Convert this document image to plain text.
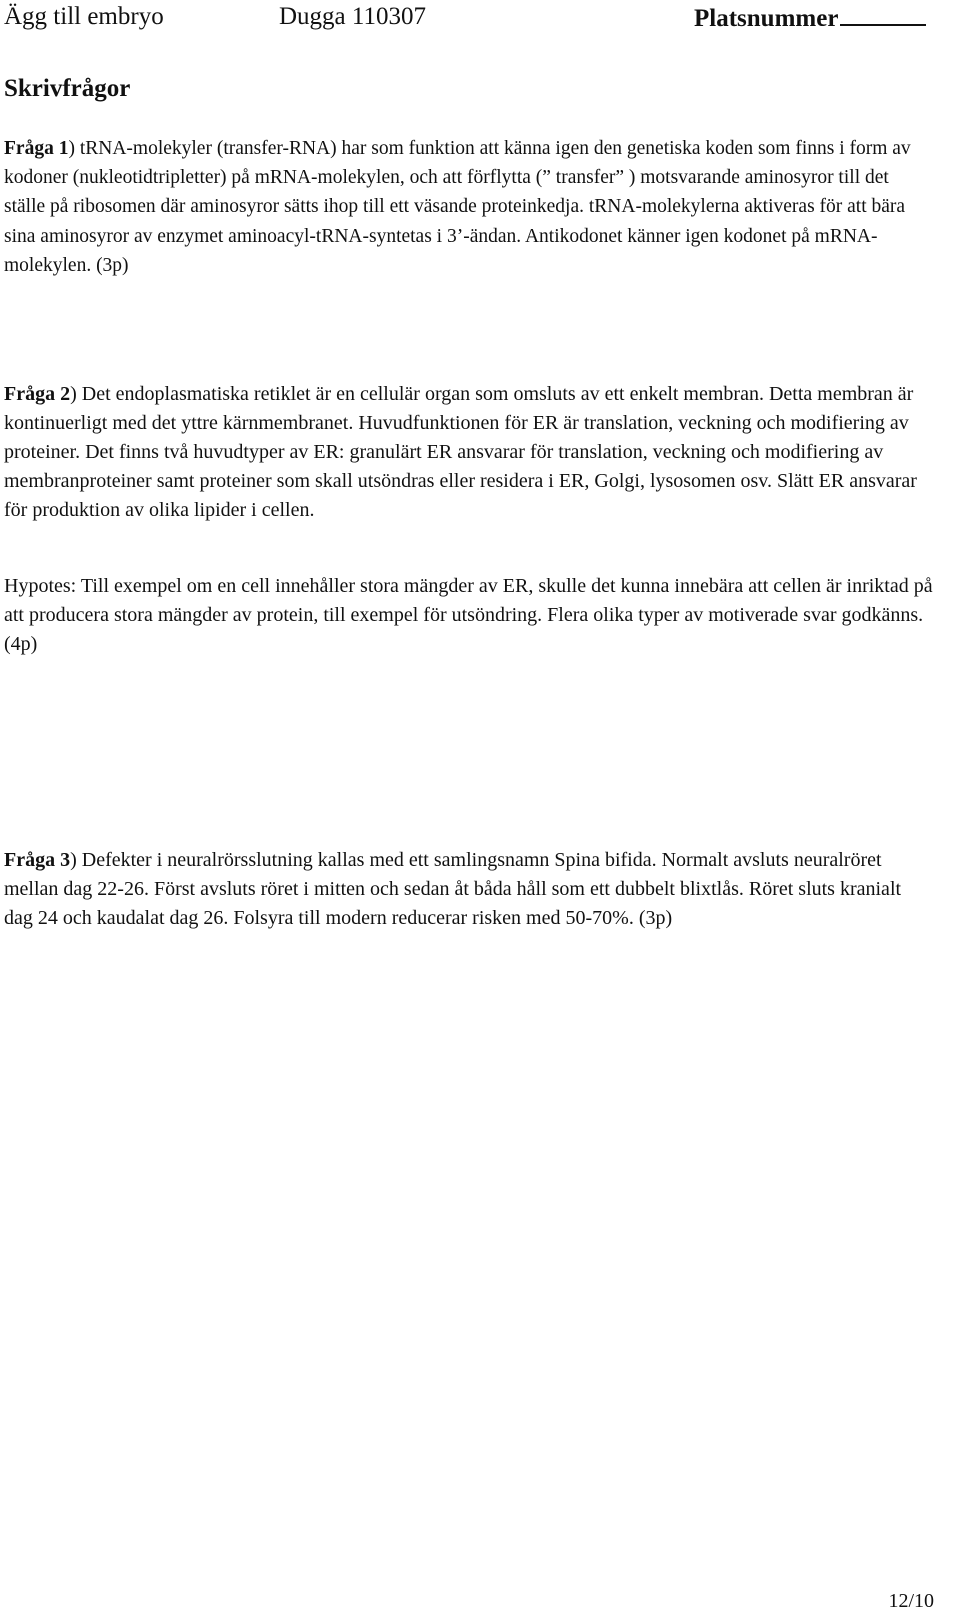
Ägg till embryo	Dugga 110307	Platsnummer
Skrivfrågor

Fråga 1) tRNA-molekyler (transfer-RNA) har som funktion att känna igen den genetiska koden som finns i form av kodoner (nukleotidtripletter) på mRNA-molekylen, och att förflytta (” transfer” ) motsvarande aminosyror till det ställe på ribosomen där aminosyror sätts ihop till ett väsande proteinkedja. tRNA-molekylerna aktiveras för att bära sina aminosyror av enzymet aminoacyl-tRNA-syntetas i 3’-ändan. Antikodonet känner igen kodonet på mRNA-molekylen. (3p)

Fråga 2) Det endoplasmatiska retiklet är en cellulär organ som omsluts av ett enkelt membran. Detta membran är kontinuerligt med det yttre kärnmembranet. Huvudfunktionen för ER är translation, veckning och modifiering av proteiner. Det finns två huvudtyper av ER: granulärt ER ansvarar för translation, veckning och modifiering av membranproteiner samt proteiner som skall utsöndras eller residera i ER, Golgi, lysosomen osv. Slätt ER ansvarar för produktion av olika lipider i cellen.

Hypotes: Till exempel om en cell innehåller stora mängder av ER, skulle det kunna innebära att cellen är inriktad på att producera stora mängder av protein, till exempel för utsöndring. Flera olika typer av motiverade svar godkänns. (4p)

Fråga 3) Defekter i neuralrörsslutning kallas med ett samlingsnamn Spina bifida. Normalt avsluts neuralröret mellan dag 22-26. Först avsluts röret i mitten och sedan åt båda håll som ett dubbelt blixtlås. Röret sluts kranialt dag 24 och kaudalat dag 26. Folsyra till modern reducerar risken med 50-70%. (3p)

12/10
